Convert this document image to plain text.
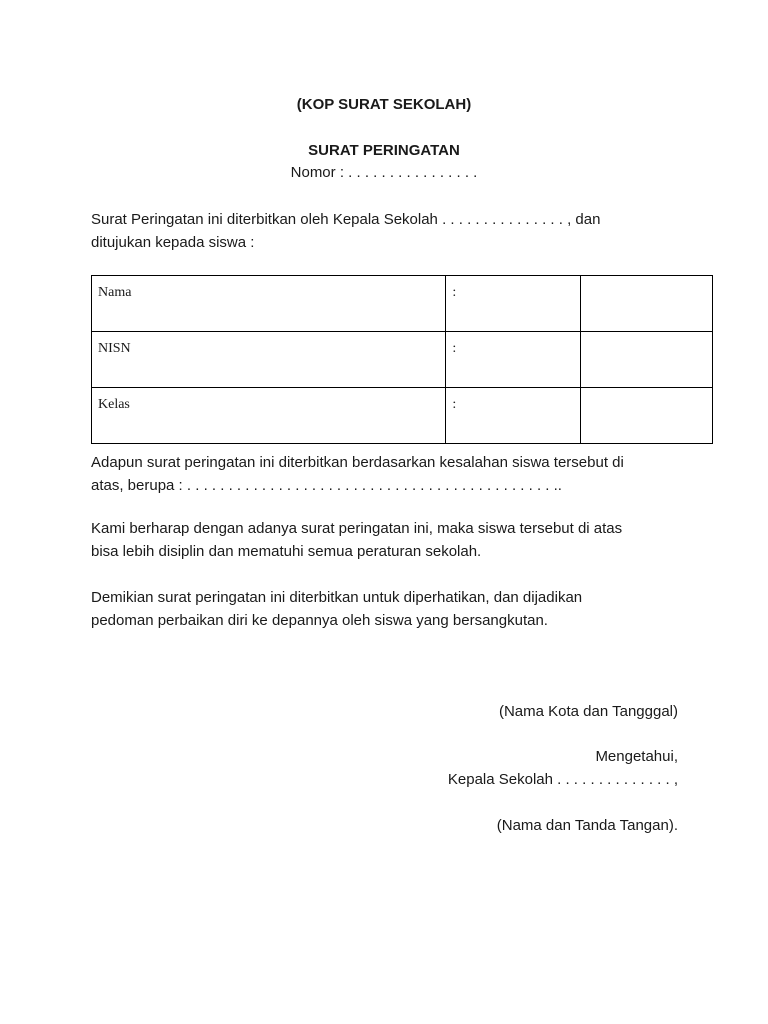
(KOP SURAT SEKOLAH)
SURAT PERINGATAN
Nomor : . . . . . . . . . . . . . . . .

Surat Peringatan ini diterbitkan oleh Kepala Sekolah . . . . . . . . . . . . . . . , dan
ditujukan kepada siswa :

Nama	:	
NISN	:	
Kelas	:	

Adapun surat peringatan ini diterbitkan berdasarkan kesalahan siswa tersebut di
atas, berupa : . . . . . . . . . . . . . . . . . . . . . . . . . . . . . . . . . . . . . . . . . . . . ..

Kami berharap dengan adanya surat peringatan ini, maka siswa tersebut di atas
bisa lebih disiplin dan mematuhi semua peraturan sekolah.

Demikian surat peringatan ini diterbitkan untuk diperhatikan, dan dijadikan
pedoman perbaikan diri ke depannya oleh siswa yang bersangkutan.

(Nama Kota dan Tangggal)
Mengetahui,
Kepala Sekolah . . . . . . . . . . . . . . ,
(Nama dan Tanda Tangan).
